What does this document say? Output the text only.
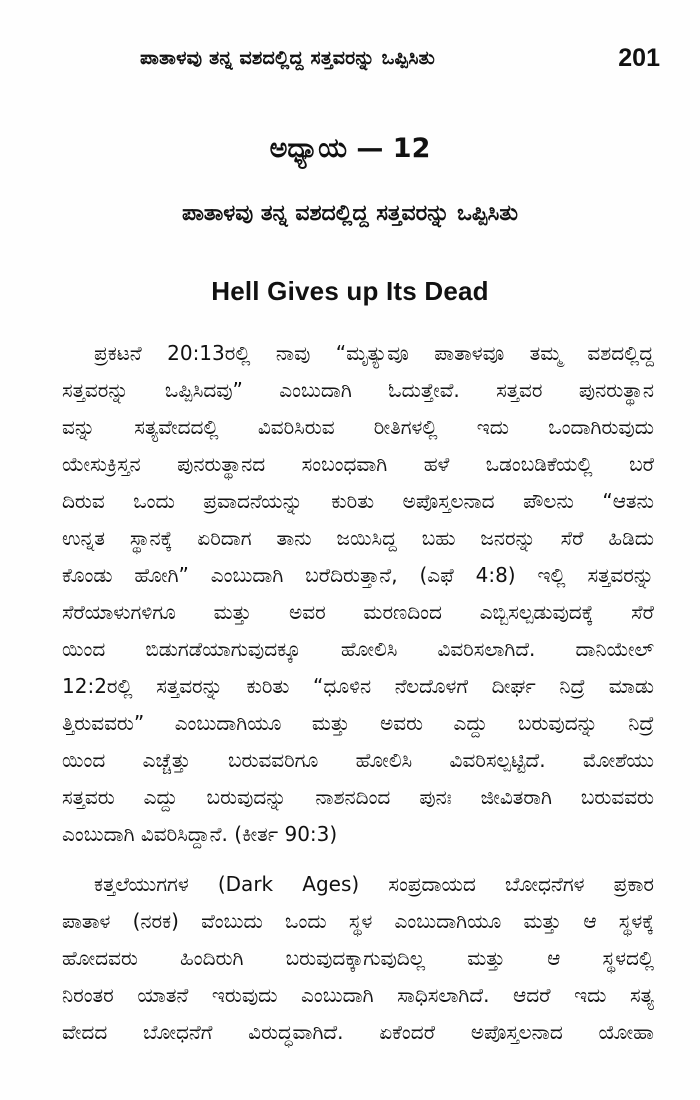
ಪಾತಾಳವು ತನ್ನ ವಶದಲ್ಲಿದ್ದ ಸತ್ತವರನ್ನು ಒಪ್ಪಿಸಿತು	201
ಅಧ್ಯಾಯ — 12
ಪಾತಾಳವು ತನ್ನ ವಶದಲ್ಲಿದ್ದ ಸತ್ತವರನ್ನು ಒಪ್ಪಿಸಿತು
Hell Gives up Its Dead
ಪ್ರಕಟನೆ 20:13ರಲ್ಲಿ ನಾವು “ಮೃತ್ಯುವೂ ಪಾತಾಳವೂ ತಮ್ಮ ವಶದಲ್ಲಿದ್ದ
ಸತ್ತವರನ್ನು ಒಪ್ಪಿಸಿದವು” ಎಂಬುದಾಗಿ ಓದುತ್ತೇವೆ. ಸತ್ತವರ ಪುನರುತ್ಥಾನ
ವನ್ನು ಸತ್ಯವೇದದಲ್ಲಿ ವಿವರಿಸಿರುವ ರೀತಿಗಳಲ್ಲಿ ಇದು ಒಂದಾಗಿರುವುದು
ಯೇಸುಕ್ರಿಸ್ತನ ಪುನರುತ್ಥಾನದ ಸಂಬಂಧವಾಗಿ ಹಳೆ ಒಡಂಬಡಿಕೆಯಲ್ಲಿ ಬರೆ
ದಿರುವ ಒಂದು ಪ್ರವಾದನೆಯನ್ನು ಕುರಿತು ಅಪೊಸ್ತಲನಾದ ಪೌಲನು “ಆತನು
ಉನ್ನತ ಸ್ಥಾನಕ್ಕೆ ಏರಿದಾಗ ತಾನು ಜಯಿಸಿದ್ದ ಬಹು ಜನರನ್ನು ಸೆರೆ ಹಿಡಿದು
ಕೊಂಡು ಹೋಗಿ” ಎಂಬುದಾಗಿ ಬರೆದಿರುತ್ತಾನೆ, (ಎಫೆ 4:8) ಇಲ್ಲಿ ಸತ್ತವರನ್ನು
ಸೆರೆಯಾಳುಗಳಿಗೂ ಮತ್ತು ಅವರ ಮರಣದಿಂದ ಎಬ್ಬಿಸಲ್ಪಡುವುದಕ್ಕೆ ಸೆರೆ
ಯಿಂದ ಬಿಡುಗಡೆಯಾಗುವುದಕ್ಕೂ ಹೋಲಿಸಿ ವಿವರಿಸಲಾಗಿದೆ. ದಾನಿಯೇಲ್
12:2ರಲ್ಲಿ ಸತ್ತವರನ್ನು ಕುರಿತು “ಧೂಳಿನ ನೆಲದೊಳಗೆ ದೀರ್ಘ ನಿದ್ರೆ ಮಾಡು
ತ್ತಿರುವವರು” ಎಂಬುದಾಗಿಯೂ ಮತ್ತು ಅವರು ಎದ್ದು ಬರುವುದನ್ನು ನಿದ್ರೆ
ಯಿಂದ ಎಚ್ಚೆತ್ತು ಬರುವವರಿಗೂ ಹೋಲಿಸಿ ವಿವರಿಸಲ್ಪಟ್ಟಿದೆ. ಮೋಶೆಯು
ಸತ್ತವರು ಎದ್ದು ಬರುವುದನ್ನು ನಾಶನದಿಂದ ಪುನಃ ಜೀವಿತರಾಗಿ ಬರುವವರು
ಎಂಬುದಾಗಿ ವಿವರಿಸಿದ್ದಾನೆ. (ಕೀರ್ತ 90:3)
ಕತ್ತಲೆಯುಗಗಳ (Dark Ages) ಸಂಪ್ರದಾಯದ ಬೋಧನೆಗಳ ಪ್ರಕಾರ
ಪಾತಾಳ (ನರಕ) ವೆಂಬುದು ಒಂದು ಸ್ಥಳ ಎಂಬುದಾಗಿಯೂ ಮತ್ತು ಆ ಸ್ಥಳಕ್ಕೆ
ಹೋದವರು ಹಿಂದಿರುಗಿ ಬರುವುದಕ್ಕಾಗುವುದಿಲ್ಲ ಮತ್ತು ಆ ಸ್ಥಳದಲ್ಲಿ
ನಿರಂತರ ಯಾತನೆ ಇರುವುದು ಎಂಬುದಾಗಿ ಸಾಧಿಸಲಾಗಿದೆ. ಆದರೆ ಇದು ಸತ್ಯ
ವೇದದ ಬೋಧನೆಗೆ ವಿರುದ್ಧವಾಗಿದೆ. ಏಕೆಂದರೆ ಅಪೊಸ್ತಲನಾದ ಯೋಹಾ
